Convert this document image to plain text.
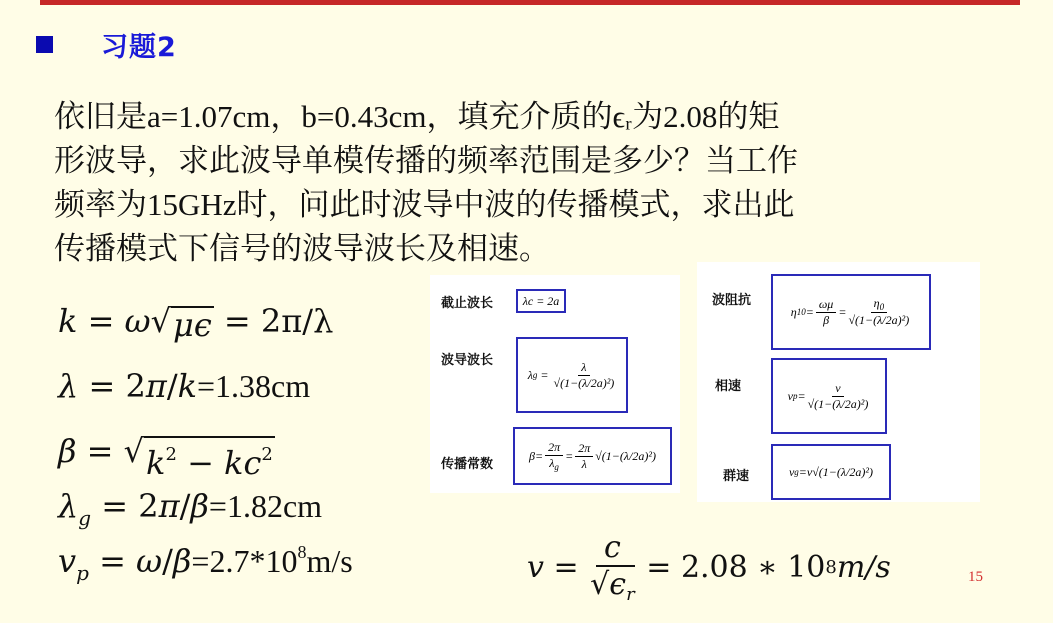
习题2

依旧是a=1.07cm，b=0.43cm，填充介质的ϵᵣ为2.08的矩

形波导，求此波导单模传播的频率范围是多少？当工作

频率为15GHz时，问此时波导中波的传播模式，求出此

传播模式下信号的波导波长及相速。

k = ω √ μϵ = 2π/λ
λ = 2π/k=1.38cm
β = √ $k^2 - kc^2$
$\lambda_g = 2\pi/\beta=1.82cm$
$v_p = \omega/\beta=2.7*10^8m/s$
截止波长 λc = 2a
波导波长
λ g =
λ
√(1−(λ/2a)²)
传播常数
β=
2π
$\lambda_g$
=
2π
λ
√(1−(λ/2a)²)
波阻抗
η 10 =
ωμ
β
=
$\eta_0$
√(1−(λ/2a)²)
相速
v p =
v
√(1−(λ/2a)²)
群速	v g =v√(1−(λ/2a)²)
$v = \frac{c}{√\epsilon_r}$
= 2.08 ∗ 10 8 m/s	15
